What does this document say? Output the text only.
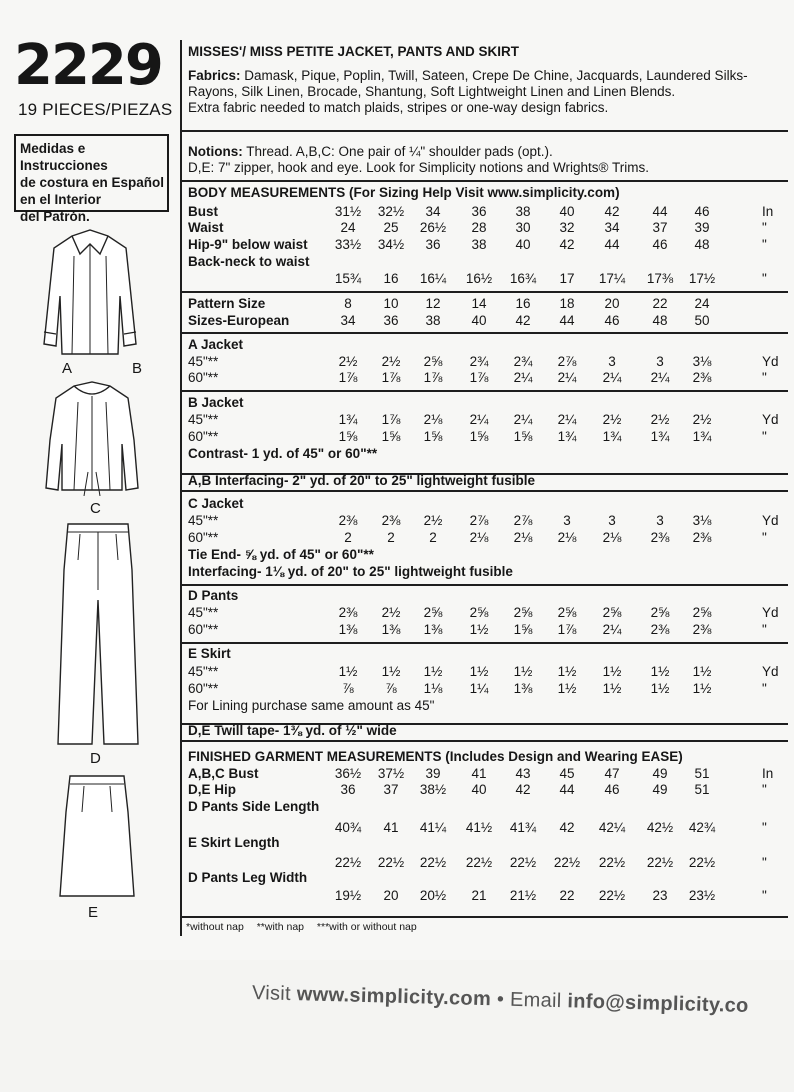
2229
19 PIECES/PIEZAS
Medidas e Instrucciones
de costura en Español
en el Interior
del Patrón.
A	B
C
D
E
MISSES'/ MISS PETITE JACKET, PANTS AND SKIRT
Fabrics: Damask, Pique, Poplin, Twill, Sateen, Crepe De Chine, Jacquards, Laundered Silks-
Rayons, Silk Linen, Brocade, Shantung, Soft Lightweight Linen and Linen Blends.
Extra fabric needed to match plaids, stripes or one-way design fabrics.
Notions: Thread. A,B,C: One pair of ¼" shoulder pads (opt.).
D,E: 7" zipper, hook and eye. Look for Simplicity notions and Wrights® Trims.
BODY MEASUREMENTS (For Sizing Help Visit www.simplicity.com)
Bust	31½	32½	34	36	38	40	42	44	46	In
Waist	24	25	26½	28	30	32	34	37	39	"
Hip-9" below waist	33½	34½	36	38	40	42	44	46	48	"
Back-neck to waist
15¾	16	16¼	16½	16¾	17	17¼	17⅜	17½	"
Pattern Size	8	10	12	14	16	18	20	22	24
Sizes-European	34	36	38	40	42	44	46	48	50
A Jacket
45"**	2½	2½	2⅝	2¾	2¾	2⅞	3	3	3⅛	Yd
60"**	1⅞	1⅞	1⅞	1⅞	2¼	2¼	2¼	2¼	2⅜	"
B Jacket
45"**	1¾	1⅞	2⅛	2¼	2¼	2¼	2½	2½	2½	Yd
60"**	1⅝	1⅝	1⅝	1⅝	1⅝	1¾	1¾	1¾	1¾	"
Contrast- 1 yd. of 45" or 60"**
C Jacket
45"**	2⅜	2⅜	2½	2⅞	2⅞	3	3	3	3⅛	Yd
60"**	2	2	2	2⅛	2⅛	2⅛	2⅛	2⅜	2⅜	"
Tie End- ⅝ yd. of 45" or 60"**
Interfacing- 1⅛ yd. of 20" to 25" lightweight fusible
D Pants
45"**	2⅜	2½	2⅝	2⅝	2⅝	2⅝	2⅝	2⅝	2⅝	Yd
60"**	1⅜	1⅜	1⅜	1½	1⅝	1⅞	2¼	2⅜	2⅜	"
E Skirt
45"**	1½	1½	1½	1½	1½	1½	1½	1½	1½	Yd
60"**	⅞	⅞	1⅛	1¼	1⅜	1½	1½	1½	1½	"
For Lining purchase same amount as 45"
A,B,C Bust	36½	37½	39	41	43	45	47	49	51	In
D,E Hip	36	37	38½	40	42	44	46	49	51	"
D Pants Side Length
40¾	41	41¼	41½	41¾	42	42¼	42½	42¾	"
E Skirt Length
22½	22½	22½	22½	22½	22½	22½	22½	22½	"
D Pants Leg Width
19½	20	20½	21	21½	22	22½	23	23½	"
A,B Interfacing- 2" yd. of 20" to 25" lightweight fusible
D,E Twill tape- 1⅜ yd. of ½" wide
FINISHED GARMENT MEASUREMENTS (Includes Design and Wearing EASE)
*without nap **with nap ***with or without nap
Visit www.simplicity.com • Email info@simplicity.co
